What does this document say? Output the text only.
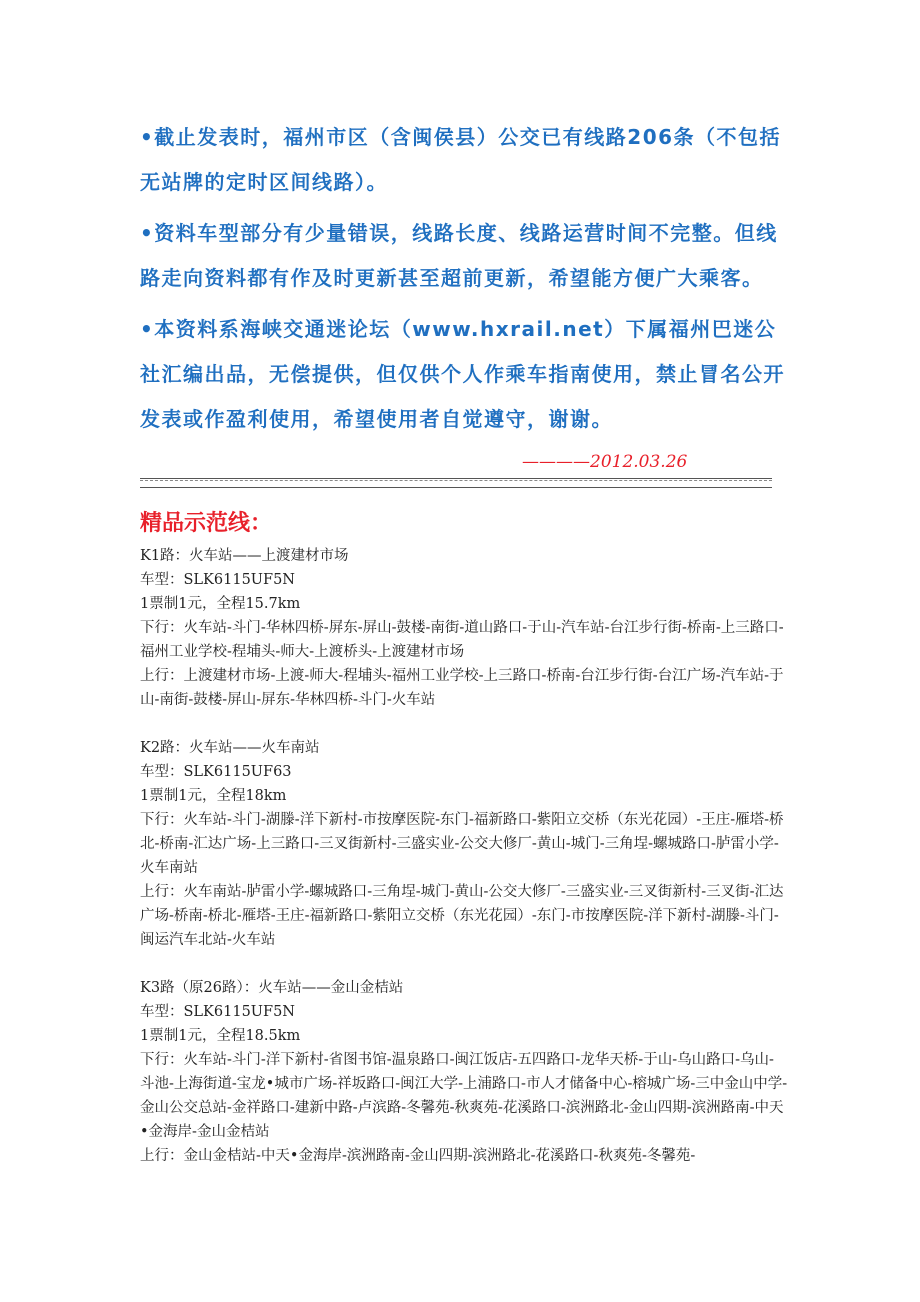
•截止发表时，福州市区（含闽侯县）公交已有线路206条（不包括无站牌的定时区间线路）。

•资料车型部分有少量错误，线路长度、线路运营时间不完整。但线路走向资料都有作及时更新甚至超前更新，希望能方便广大乘客。

•本资料系海峡交通迷论坛（www.hxrail.net）下属福州巴迷公社汇编出品，无偿提供，但仅供个人作乘车指南使用，禁止冒名公开发表或作盈利使用，希望使用者自觉遵守，谢谢。

————2012.03.26
精品示范线：
K1路：火车站——上渡建材市场
车型：SLK6115UF5N
1票制1元，全程15.7km
下行：火车站-斗门-华林四桥-屏东-屏山-鼓楼-南街-道山路口-于山-汽车站-台江步行街-桥南-上三路口-福州工业学校-程埔头-师大-上渡桥头-上渡建材市场
上行：上渡建材市场-上渡-师大-程埔头-福州工业学校-上三路口-桥南-台江步行街-台江广场-汽车站-于山-南街-鼓楼-屏山-屏东-华林四桥-斗门-火车站
K2路：火车站——火车南站
车型：SLK6115UF63
1票制1元，全程18km
下行：火车站-斗门-湖滕-洋下新村-市按摩医院-东门-福新路口-紫阳立交桥（东光花园）-王庄-雁塔-桥北-桥南-汇达广场-上三路口-三叉街新村-三盛实业-公交大修厂-黄山-城门-三角埕-螺城路口-胪雷小学-火车南站
上行：火车南站-胪雷小学-螺城路口-三角埕-城门-黄山-公交大修厂-三盛实业-三叉街新村-三叉街-汇达广场-桥南-桥北-雁塔-王庄-福新路口-紫阳立交桥（东光花园）-东门-市按摩医院-洋下新村-湖滕-斗门-闽运汽车北站-火车站
K3路（原26路）：火车站——金山金桔站
车型：SLK6115UF5N
1票制1元，全程18.5km
下行：火车站-斗门-洋下新村-省图书馆-温泉路口-闽江饭店-五四路口-龙华天桥-于山-乌山路口-乌山-斗池-上海街道-宝龙•城市广场-祥坂路口-闽江大学-上浦路口-市人才储备中心-榕城广场-三中金山中学-金山公交总站-金祥路口-建新中路-卢滨路-冬馨苑-秋爽苑-花溪路口-滨洲路北-金山四期-滨洲路南-中天•金海岸-金山金桔站
上行：金山金桔站-中天•金海岸-滨洲路南-金山四期-滨洲路北-花溪路口-秋爽苑-冬馨苑-
